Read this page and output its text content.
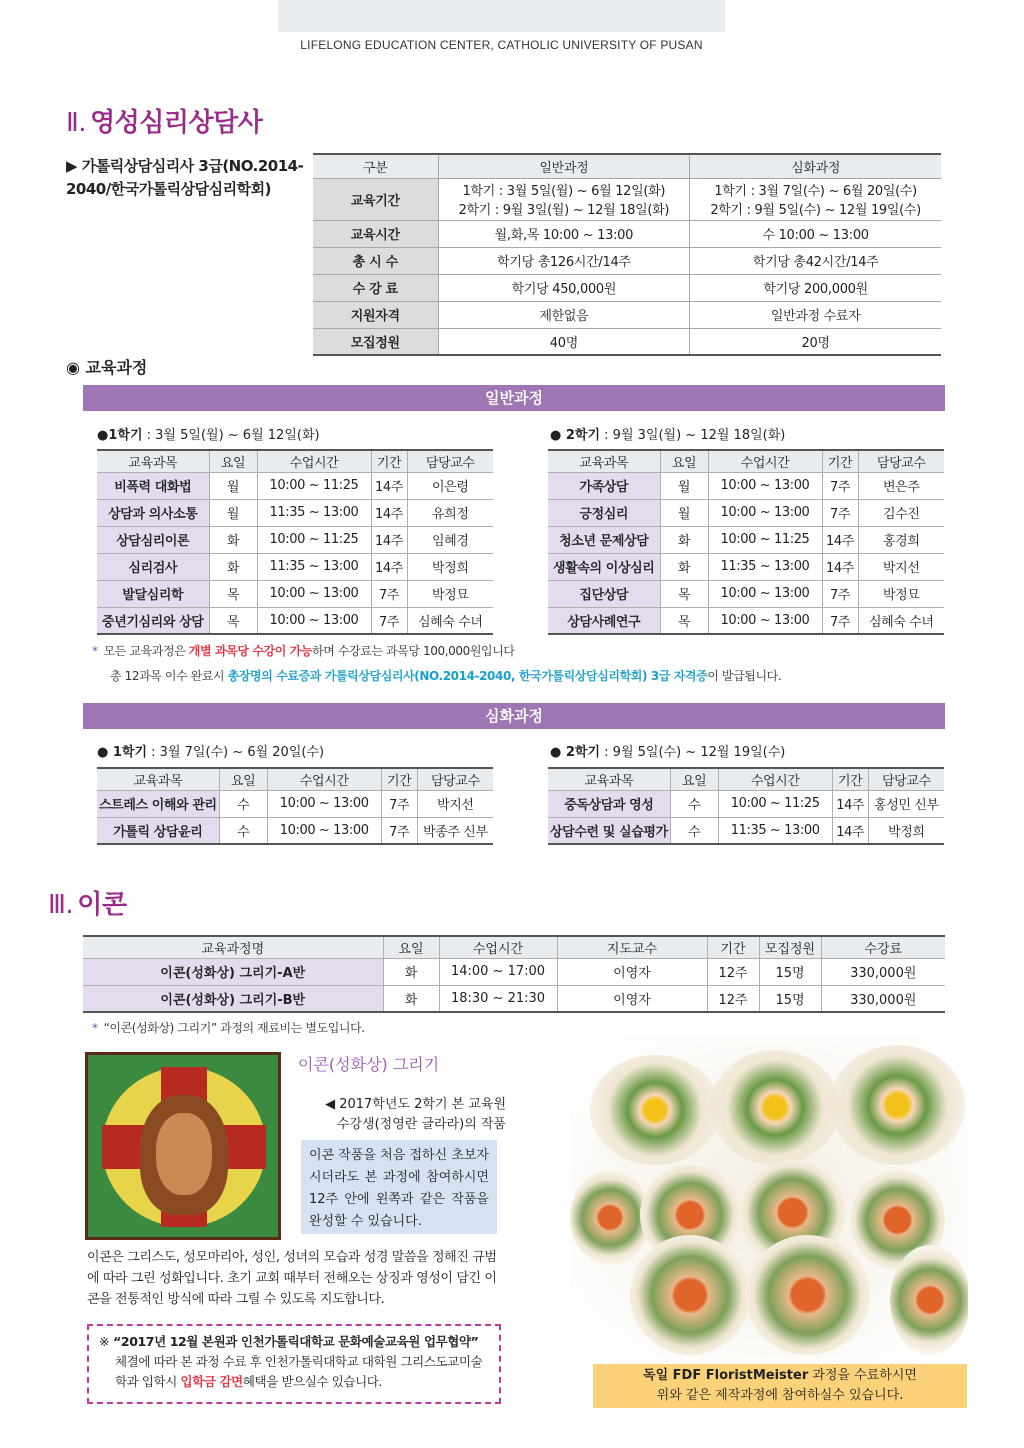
LIFELONG EDUCATION CENTER, CATHOLIC UNIVERSITY OF PUSAN
Ⅱ. 영성심리상담사
▶ 가톨릭상담심리사 3급(NO.2014-2040/한국가톨릭상담심리학회)
구분	일반과정	심화과정
교육기간	
1학기 : 3월 5일(월) ~ 6월 12일(화)
2학기 : 9월 3일(월) ~ 12월 18일(화)

1학기 : 3월 7일(수) ~ 6월 20일(수)
2학기 : 9월 5일(수) ~ 12월 19일(수)

교육시간	월,화,목 10:00 ~ 13:00	수 10:00 ~ 13:00
총 시 수	학기당 총126시간/14주	학기당 총42시간/14주
수 강 료	학기당 450,000원	학기당 200,000원
지원자격	제한없음	일반과정 수료자
모집정원	40명	20명
◉ 교육과정
일반과정
●1학기 : 3월 5일(월) ~ 6월 12일(화)	● 2학기 : 9월 3일(월) ~ 12월 18일(화)
교육과목	요일	수업시간	기간	담당교수
비폭력 대화법	월	10:00 ~ 11:25	14주	이은령
상담과 의사소통	월	11:35 ~ 13:00	14주	유희정
상담심리이론	화	10:00 ~ 11:25	14주	임혜경
심리검사	화	11:35 ~ 13:00	14주	박정희
발달심리학	목	10:00 ~ 13:00	7주	박정묘
중년기심리와 상담	목	10:00 ~ 13:00	7주	심혜숙 수녀
교육과목	요일	수업시간	기간	담당교수
가족상담	월	10:00 ~ 13:00	7주	변은주
긍정심리	월	10:00 ~ 13:00	7주	김수진
청소년 문제상담	화	10:00 ~ 11:25	14주	홍경희
생활속의 이상심리	화	11:35 ~ 13:00	14주	박지선
집단상담	목	10:00 ~ 13:00	7주	박정묘
상담사례연구	목	10:00 ~ 13:00	7주	심혜숙 수녀
* 모든 교육과정은 개별 과목당 수강이 가능하며 수강료는 과목당 100,000원입니다
총 12과목 이수 완료시 총장명의 수료증과 가톨릭상담심리사(NO.2014-2040, 한국가톨릭상담심리학회) 3급 자격증이 발급됩니다.
심화과정
● 1학기 : 3월 7일(수) ~ 6월 20일(수)	● 2학기 : 9월 5일(수) ~ 12월 19일(수)
교육과목	요일	수업시간	기간	담당교수
스트레스 이해와 관리	수	10:00 ~ 13:00	7주	박지선
가톨릭 상담윤리	수	10:00 ~ 13:00	7주	박종주 신부
교육과목	요일	수업시간	기간	담당교수
중독상담과 영성	수	10:00 ~ 11:25	14주	홍성민 신부
상담수련 및 실습평가	수	11:35 ~ 13:00	14주	박정희
Ⅲ. 이콘
교육과정명	요일	수업시간	지도교수	기간	모집정원	수강료
이콘(성화상) 그리기-A반	화	14:00 ~ 17:00	이영자	12주	15명	330,000원
이콘(성화상) 그리기-B반	화	18:30 ~ 21:30	이영자	12주	15명	330,000원
* “이콘(성화상) 그리기” 과정의 재료비는 별도입니다.
이콘(성화상) 그리기
◀ 2017학년도 2학기 본 교육원
수강생(정영란 글라라)의 작품
이콘 작품을 처음 접하신 초보자시더라도 본 과정에 참여하시면 12주 안에 왼쪽과 같은 작품을 완성할 수 있습니다.
이콘은 그리스도, 성모마리아, 성인, 성녀의 모습과 성경 말씀을 정해진 규범에 따라 그린 성화입니다. 초기 교회 때부터 전해오는 상징과 영성이 담긴 이콘을 전통적인 방식에 따라 그릴 수 있도록 지도합니다.
※ “2017년 12월 본원과 인천가톨릭대학교 문화예술교육원 업무협약”
체결에 따라 본 과정 수료 후 인천가톨릭대학교 대학원 그리스도교미술학과 입학시 입학금 감면혜택을 받으실수 있습니다.	독일 FDF FloristMeister 과정을 수료하시면
위와 같은 제작과정에 참여하실수 있습니다.
